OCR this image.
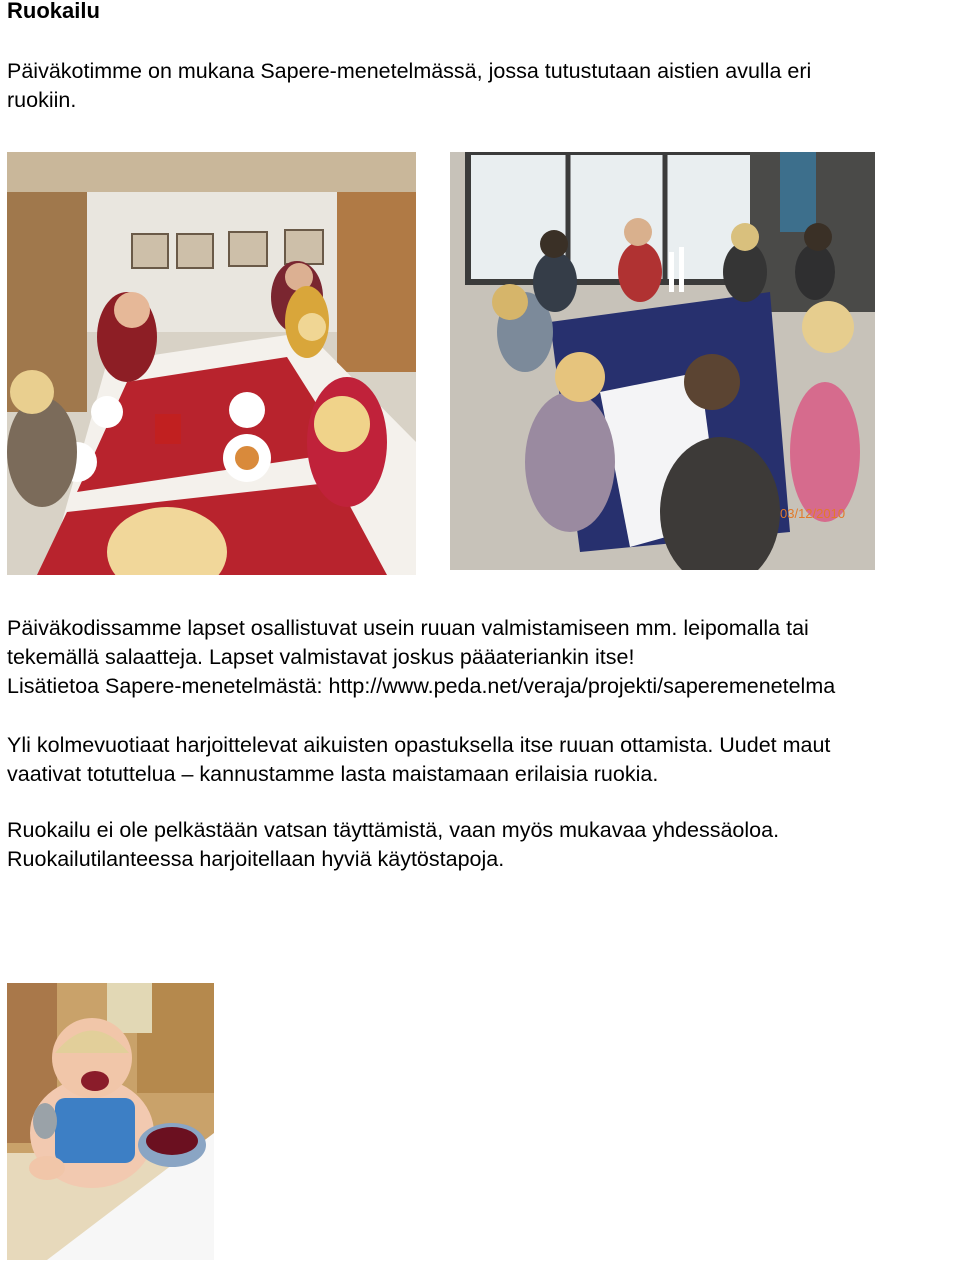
Ruokailu

Päiväkotimme on mukana Sapere-menetelmässä, jossa tutustutaan aistien avulla eri
ruokiin.

03/12/2010

Päiväkodissamme lapset osallistuvat usein ruuan valmistamiseen mm. leipomalla tai
tekemällä salaatteja. Lapset valmistavat joskus pääateriankin itse!
Lisätietoa Sapere-menetelmästä: http://www.peda.net/veraja/projekti/saperemenetelma

Yli kolmevuotiaat harjoittelevat aikuisten opastuksella itse ruuan ottamista. Uudet maut
vaativat totuttelua – kannustamme lasta maistamaan erilaisia ruokia.

Ruokailu ei ole pelkästään vatsan täyttämistä, vaan myös mukavaa yhdessäoloa.
Ruokailutilanteessa harjoitellaan hyviä käytöstapoja.
